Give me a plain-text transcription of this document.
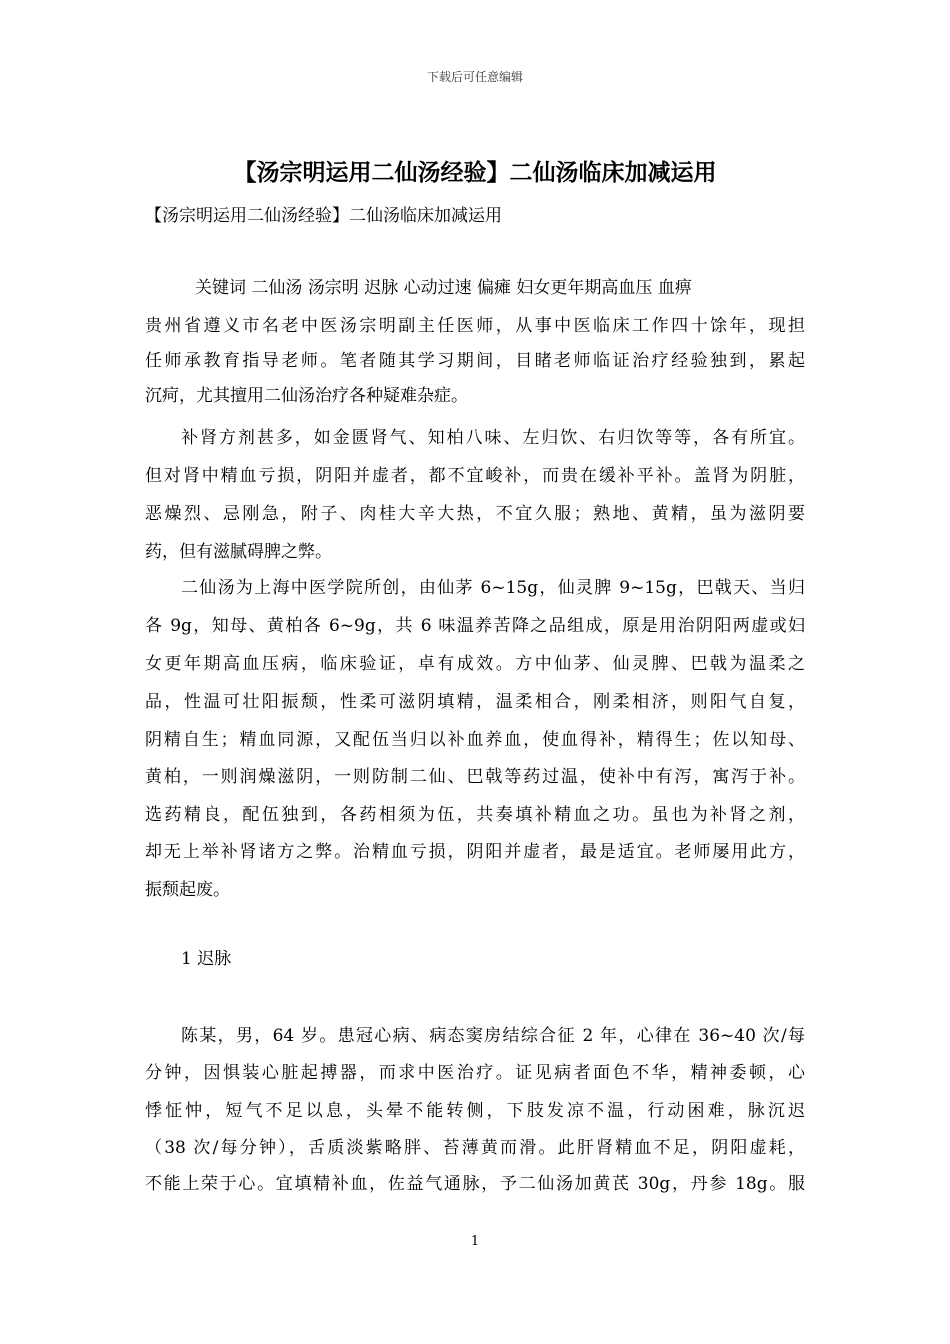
下载后可任意编辑
【汤宗明运用二仙汤经验】二仙汤临床加减运用
【汤宗明运用二仙汤经验】二仙汤临床加减运用
关键词 二仙汤 汤宗明 迟脉 心动过速 偏瘫 妇女更年期高血压 血痹
贵州省遵义市名老中医汤宗明副主任医师，从事中医临床工作四十馀年，现担
任师承教育指导老师。笔者随其学习期间，目睹老师临证治疗经验独到，累起
沉疴，尤其擅用二仙汤治疗各种疑难杂症。
补肾方剂甚多，如金匮肾气、知柏八味、左归饮、右归饮等等，各有所宜。
但对肾中精血亏损，阴阳并虚者，都不宜峻补，而贵在缓补平补。盖肾为阴脏，
恶燥烈、忌刚急，附子、肉桂大辛大热，不宜久服；熟地、黄精，虽为滋阴要
药，但有滋腻碍脾之弊。
二仙汤为上海中医学院所创，由仙茅 6~15g，仙灵脾 9~15g，巴戟天、当归
各 9g，知母、黄柏各 6~9g，共 6 味温养苦降之品组成，原是用治阴阳两虚或妇
女更年期高血压病，临床验证，卓有成效。方中仙茅、仙灵脾、巴戟为温柔之
品，性温可壮阳振颓，性柔可滋阴填精，温柔相合，刚柔相济，则阳气自复，
阴精自生；精血同源，又配伍当归以补血养血，使血得补，精得生；佐以知母、
黄柏，一则润燥滋阴，一则防制二仙、巴戟等药过温，使补中有泻，寓泻于补。
选药精良，配伍独到，各药相须为伍，共奏填补精血之功。虽也为补肾之剂，
却无上举补肾诸方之弊。治精血亏损，阴阳并虚者，最是适宜。老师屡用此方，
振颓起废。
1 迟脉
陈某，男，64 岁。患冠心病、病态窦房结综合征 2 年，心律在 36~40 次/每
分钟，因惧装心脏起搏器，而求中医治疗。证见病者面色不华，精神委顿，心
悸怔忡，短气不足以息，头晕不能转侧，下肢发凉不温，行动困难，脉沉迟
（38 次/每分钟），舌质淡紫略胖、苔薄黄而滑。此肝肾精血不足，阴阳虚耗，
不能上荣于心。宜填精补血，佐益气通脉，予二仙汤加黄芪 30g，丹参 18g。服
1
